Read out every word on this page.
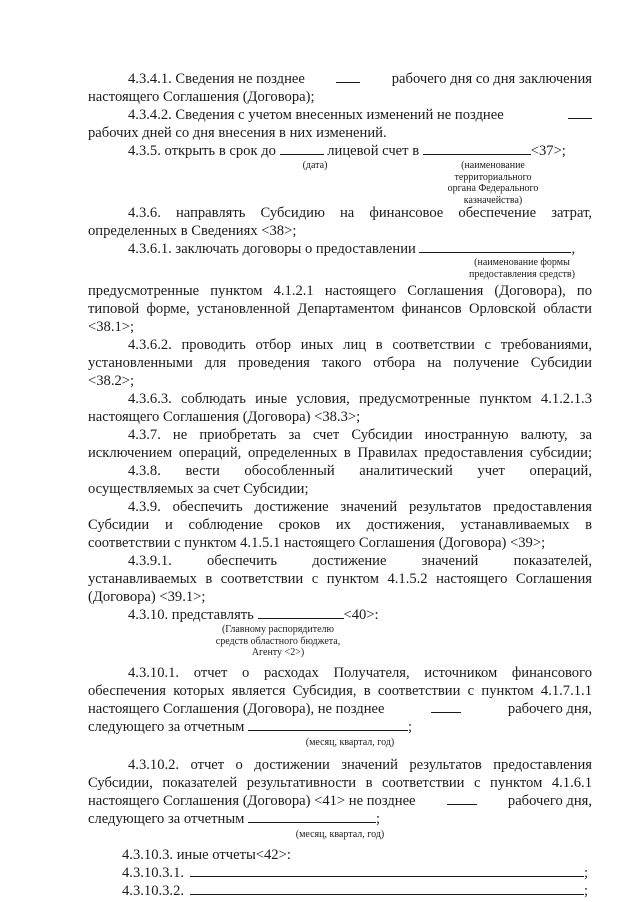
4.3.4.1. Сведения не позднее	рабочего дня со дня заключения
настоящего Соглашения (Договора);
4.3.4.2. Сведения с учетом внесенных изменений не позднее
рабочих дней со дня внесения в них изменений.
4.3.5. открыть в срок до	лицевой счет в	<37>;
(дата)	(наименование
территориального
органа Федерального
казначейства)
4.3.6. направлять Субсидию на финансовое обеспечение затрат,
определенных в Сведениях <38>;
4.3.6.1. заключать договоры о предоставлении	,
(наименование формы
предоставления средств)
предусмотренные пунктом 4.1.2.1 настоящего Соглашения (Договора), по
типовой форме, установленной Департаментом финансов Орловской области
<38.1>;
4.3.6.2. проводить отбор иных лиц в соответствии с требованиями,
установленными для проведения такого отбора на получение Субсидии
<38.2>;
4.3.6.3. соблюдать иные условия, предусмотренные пунктом 4.1.2.1.3
настоящего Соглашения (Договора) <38.3>;
4.3.7. не приобретать за счет Субсидии иностранную валюту, за
исключением операций, определенных в Правилах предоставления субсидии;
4.3.8. вести обособленный аналитический учет операций,
осуществляемых за счет Субсидии;
4.3.9. обеспечить достижение значений результатов предоставления
Субсидии и соблюдение сроков их достижения, устанавливаемых в
соответствии с пунктом 4.1.5.1 настоящего Соглашения (Договора) <39>;
4.3.9.1. обеспечить достижение значений показателей,
устанавливаемых в соответствии с пунктом 4.1.5.2 настоящего Соглашения
(Договора) <39.1>;
4.3.10. представлять	<40>:
(Главному распорядителю
средств областного бюджета,
Агенту <2>)
4.3.10.1. отчет о расходах Получателя, источником финансового
обеспечения которых является Субсидия, в соответствии с пунктом 4.1.7.1.1
настоящего Соглашения (Договора), не позднее	рабочего дня,
следующего за отчетным	;
(месяц, квартал, год)
4.3.10.2. отчет о достижении значений результатов предоставления
Субсидии, показателей результативности в соответствии с пунктом 4.1.6.1
настоящего Соглашения (Договора) <41> не позднее	рабочего дня,
следующего за отчетным	;
(месяц, квартал, год)
4.3.10.3. иные отчеты<42>:
4.3.10.3.1.	;
4.3.10.3.2.	;
